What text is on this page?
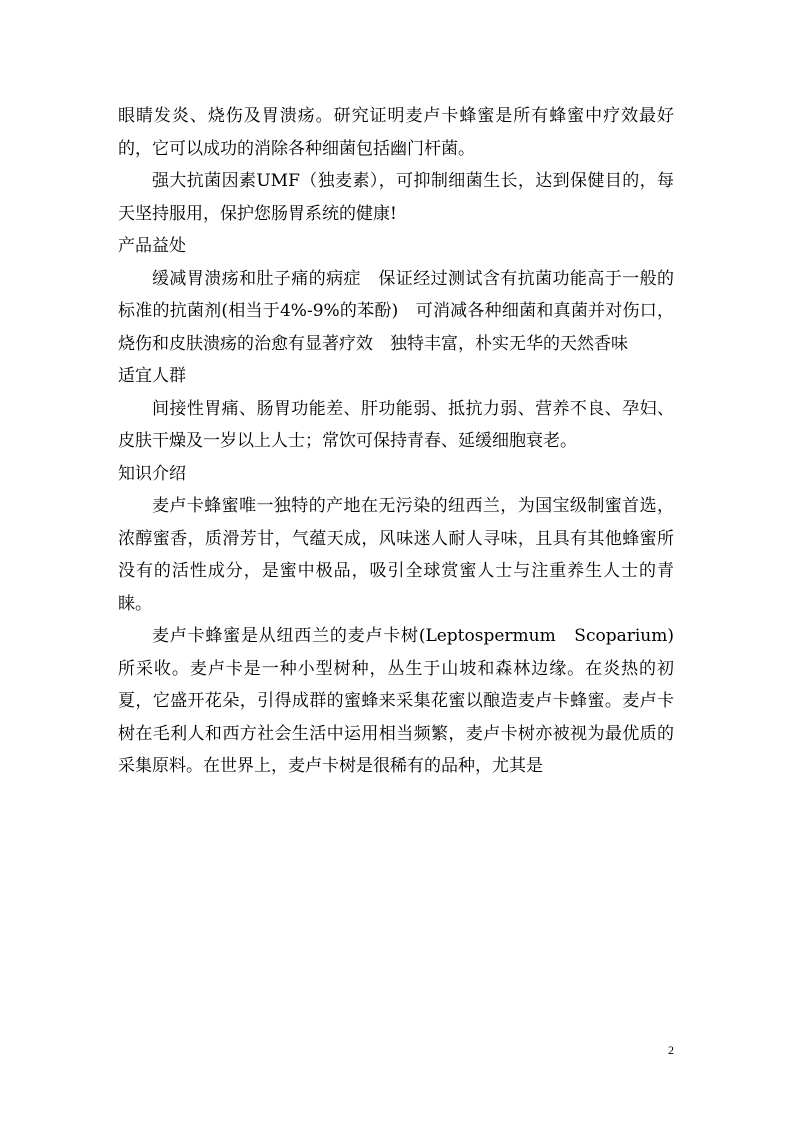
眼睛发炎、烧伤及胃溃疡。研究证明麦卢卡蜂蜜是所有蜂蜜中疗效最好的，它可以成功的消除各种细菌包括幽门杆菌。

强大抗菌因素UMF（独麦素），可抑制细菌生长，达到保健目的，每天坚持服用，保护您肠胃系统的健康!

产品益处

缓减胃溃疡和肚子痛的病症　保证经过测试含有抗菌功能高于一般的标准的抗菌剂(相当于4%-9%的苯酚)　可消减各种细菌和真菌并对伤口，烧伤和皮肤溃疡的治愈有显著疗效　独特丰富，朴实无华的天然香味

适宜人群

间接性胃痛、肠胃功能差、肝功能弱、抵抗力弱、营养不良、孕妇、皮肤干燥及一岁以上人士；常饮可保持青春、延缓细胞衰老。

知识介绍

麦卢卡蜂蜜唯一独特的产地在无污染的纽西兰，为国宝级制蜜首选，浓醇蜜香，质滑芳甘，气蕴天成，风味迷人耐人寻味，且具有其他蜂蜜所没有的活性成分，是蜜中极品，吸引全球赏蜜人士与注重养生人士的青睐。

麦卢卡蜂蜜是从纽西兰的麦卢卡树(Leptospermum　Scoparium)所采收。麦卢卡是一种小型树种，丛生于山坡和森林边缘。在炎热的初夏，它盛开花朵，引得成群的蜜蜂来采集花蜜以酿造麦卢卡蜂蜜。麦卢卡树在毛利人和西方社会生活中运用相当频繁，麦卢卡树亦被视为最优质的采集原料。在世界上，麦卢卡树是很稀有的品种，尤其是

2
